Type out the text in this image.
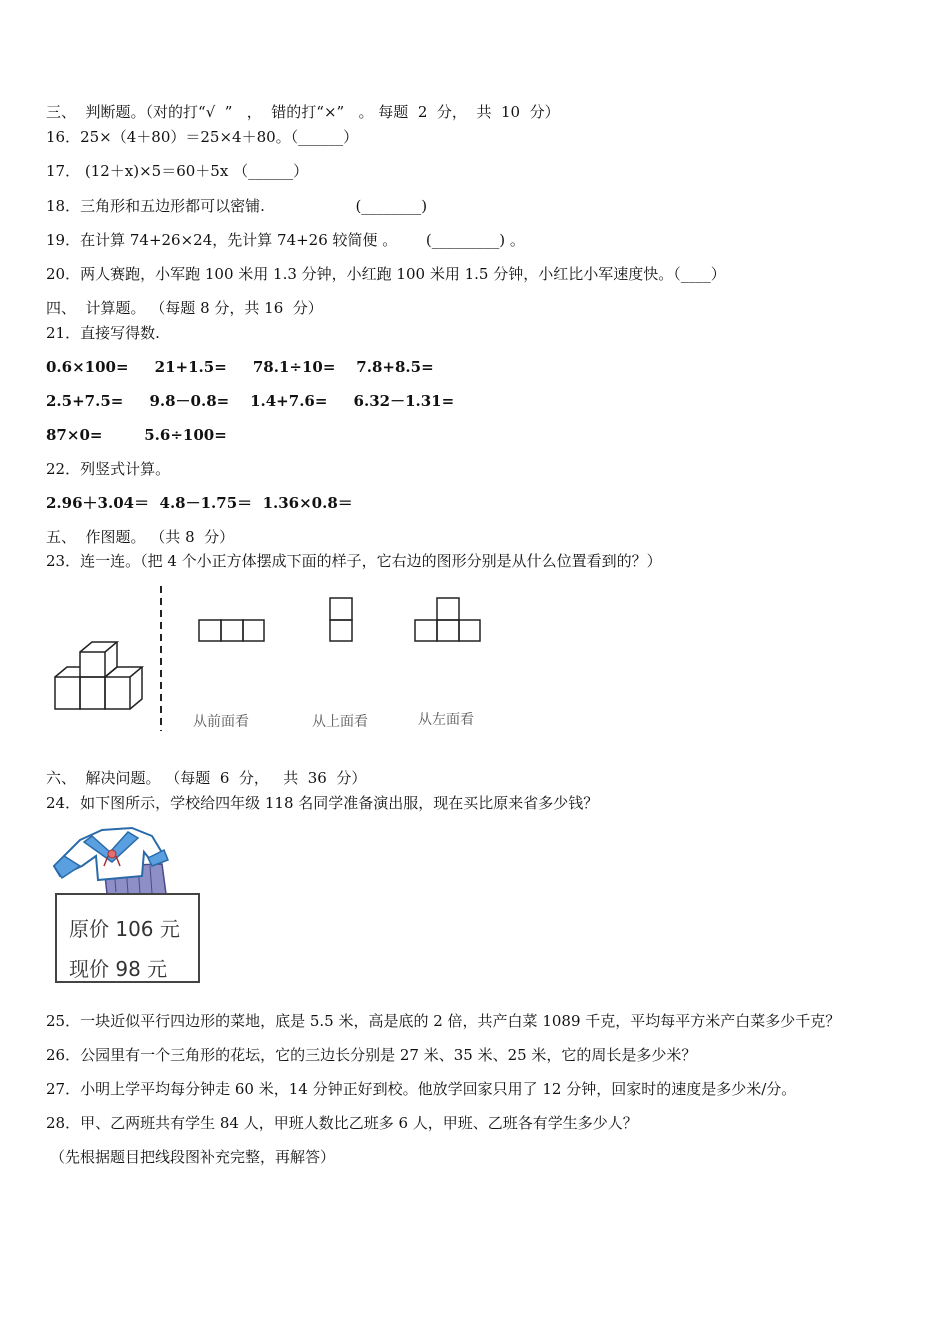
三、  判断题。（对的打“√  ”   ，  错的打“×”   。 每题  2  分，  共  10  分）
16．25×（4＋80）＝25×4＋80。（______）
17． (12＋x)×5＝60＋5x （______）
18．三角形和五边形都可以密铺.                   (________)
19．在计算 74+26×24，先计算 74+26 较简便 。      (_________) 。
20．两人赛跑，小军跑 100 米用 1.3 分钟，小红跑 100 米用 1.5 分钟，小红比小军速度快。（____）
四、  计算题。 （每题 8 分，共 16  分）
21．直接写得数.
0.6×100=     21+1.5=     78.1÷10=    7.8+8.5=
2.5+7.5=     9.8－0.8=    1.4+7.6=     6.32－1.31=
87×0=        5.6÷100=
22．列竖式计算。
2.96＋3.04＝  4.8－1.75＝  1.36×0.8＝
五、  作图题。 （共 8  分）
23．连一连。（把 4 个小正方体摆成下面的样子，它右边的图形分别是从什么位置看到的？）
从前面看	从上面看	从左面看
六、  解决问题。 （每题  6  分，   共  36  分）
24．如下图所示，学校给四年级 118 名同学准备演出服，现在买比原来省多少钱？
原价 106 元
现价 98 元
25．一块近似平行四边形的菜地，底是 5.5 米，高是底的 2 倍，共产白菜 1089 千克，平均每平方米产白菜多少千克？
26．公园里有一个三角形的花坛，它的三边长分别是 27 米、35 米、25 米，它的周长是多少米？
27．小明上学平均每分钟走 60 米，14 分钟正好到校。他放学回家只用了 12 分钟，回家时的速度是多少米/分。
28．甲、乙两班共有学生 84 人，甲班人数比乙班多 6 人，甲班、乙班各有学生多少人？
（先根据题目把线段图补充完整，再解答）
